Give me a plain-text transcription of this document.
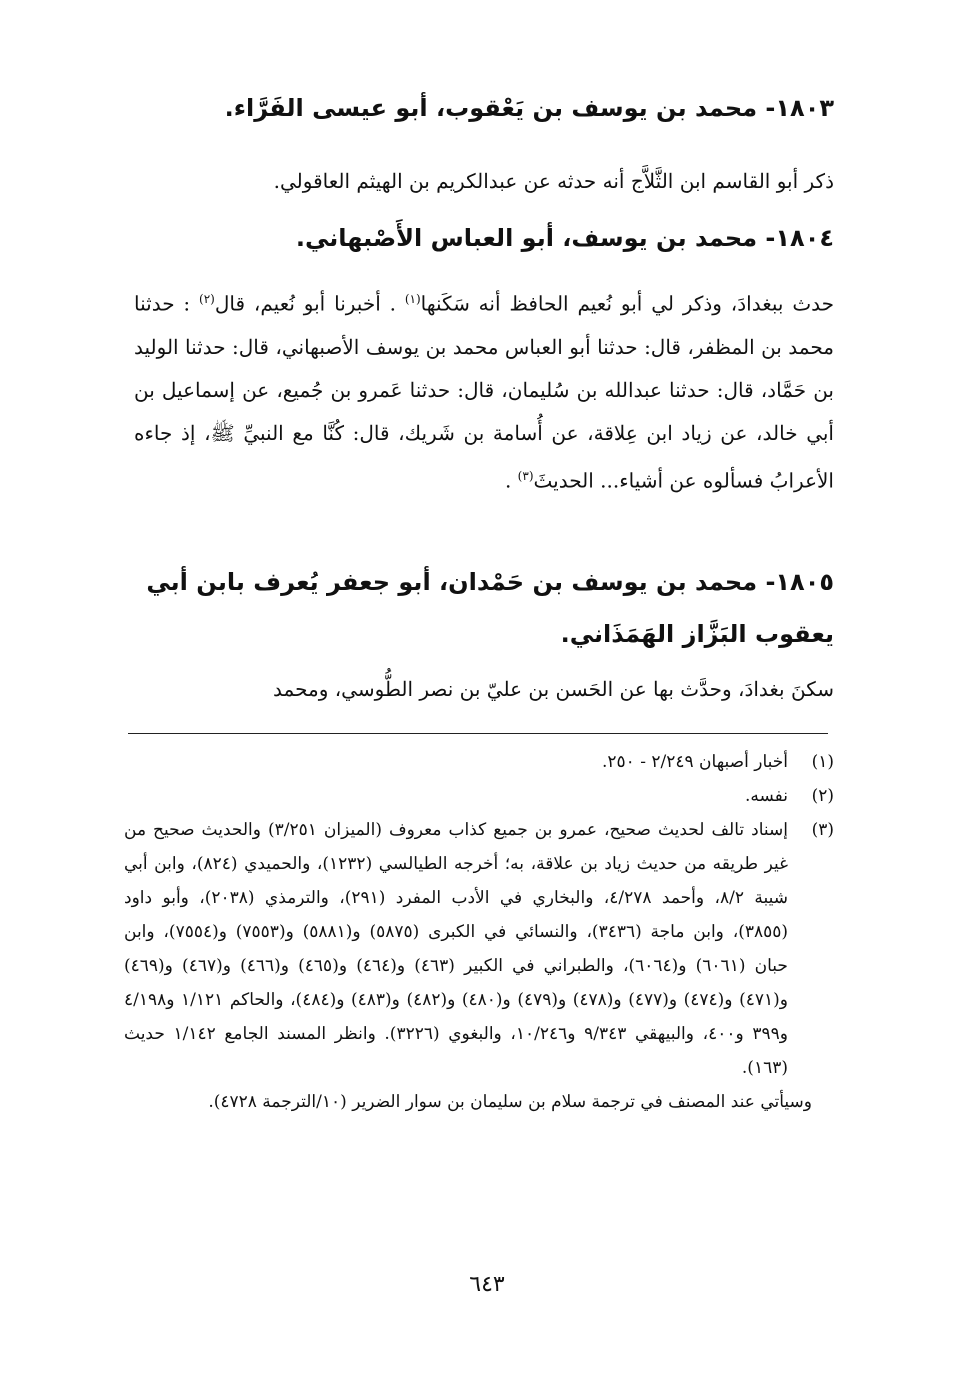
١٨٠٣- محمد بن يوسف بن يَعْقوب، أبو عيسى الفَرَّاء.
ذكر أبو القاسم ابن الثَّلاَّج أنه حدثه عن عبدالكريم بن الهيثم العاقولي.
١٨٠٤- محمد بن يوسف، أبو العباس الأَصْبهاني.
حدث ببغدادَ، وذكر لي أبو نُعيم الحافظ أنه سَكَنها$^{(١)}$ . أخبرنا أبو نُعيم، قال$^{(٢)}$ : حدثنا محمد بن المظفر، قال: حدثنا أبو العباس محمد بن يوسف الأصبهاني، قال: حدثنا الوليد بن حَمَّاد، قال: حدثنا عبدالله بن سُليمان، قال: حدثنا عَمرو بن جُميع، عن إسماعيل بن أبي خالد، عن زياد ابن عِلاقة، عن أُسامة بن شَريك، قال: كُنَّا مع النبيِّ ﷺ، إذ جاءه الأعرابُ فسألوه عن أشياء... الحديثَ$^{(٣)}$ .
١٨٠٥- محمد بن يوسف بن حَمْدان، أبو جعفر يُعرف بابن أبي يعقوب البَزَّاز الهَمَذَاني.
سكنَ بغدادَ، وحدَّث بها عن الحَسن بن عليّ بن نصر الطُّوسي، ومحمد
(١)أخبار أصبهان ٢/٢٤٩ - ٢٥٠.
(٢)نفسه.
(٣)
إسناد تالف لحديث صحيح، عمرو بن جميع كذاب معروف (الميزان ٣/٢٥١) والحديث صحيح من غير طريقه من حديث زياد بن علاقة، به؛ أخرجه الطيالسي (١٢٣٢)، والحميدي (٨٢٤)، وابن أبي شيبة ٨/٢، وأحمد ٤/٢٧٨، والبخاري في الأدب المفرد (٢٩١)، والترمذي (٢٠٣٨)، وأبو داود (٣٨٥٥)، وابن ماجة (٣٤٣٦)، والنسائي في الكبرى (٥٨٧٥) و(٥٨٨١) و(٧٥٥٣) و(٧٥٥٤)، وابن حبان (٦٠٦١) و(٦٠٦٤)، والطبراني في الكبير (٤٦٣) و(٤٦٤) و(٤٦٥) و(٤٦٦) و(٤٦٧) و(٤٦٩) و(٤٧١) و(٤٧٤) و(٤٧٧) و(٤٧٨) و(٤٧٩) و(٤٨٠) و(٤٨٢) و(٤٨٣) و(٤٨٤)، والحاكم ١/١٢١ و٤/١٩٨ و٣٩٩ و٤٠٠، والبيهقي ٩/٣٤٣ و١٠/٢٤٦، والبغوي (٣٢٢٦). وانظر المسند الجامع ١/١٤٢ حديث (١٦٣).
وسيأتي عند المصنف في ترجمة سلام بن سليمان بن سوار الضرير (١٠/الترجمة ٤٧٢٨).
٦٤٣
